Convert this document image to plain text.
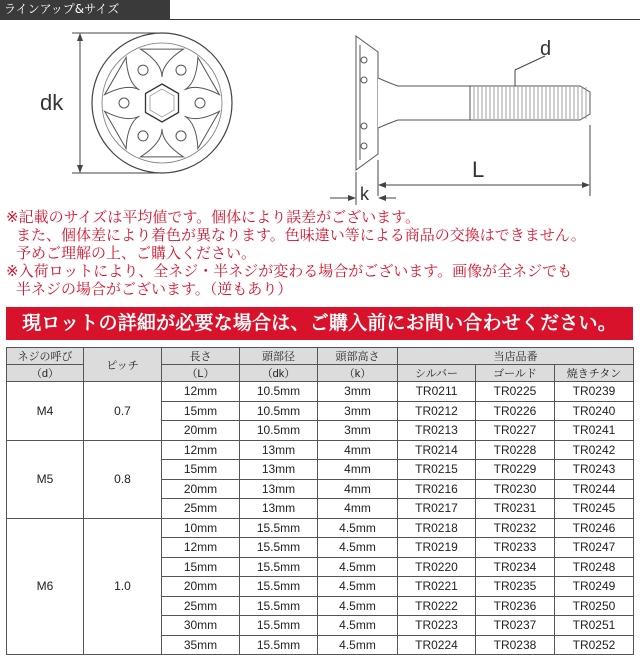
ラインアップ&サイズ
dk
d
L
k
※記載のサイズは平均値です。個体により誤差がございます。
また、個体差により着色が異なります。色味違い等による商品の交換はできません。
予めご理解の上、ご購入ください。
※入荷ロットにより、全ネジ・半ネジが変わる場合がございます。画像が全ネジでも
半ネジの場合がございます。（逆もあり）
現ロットの詳細が必要な場合は、ご購入前にお問い合わせください。
ネジの呼び	ピッチ	長さ	頭部径	頭部高さ	当店品番		
（d）		（L）	（dk）	（k）	シルバー	ゴールド	焼きチタン
M4	0.7	12mm	10.5mm	3mm	TR0211	TR0225	TR0239
		15mm	10.5mm	3mm	TR0212	TR0226	TR0240
		20mm	10.5mm	3mm	TR0213	TR0227	TR0241
M5	0.8	12mm	13mm	4mm	TR0214	TR0228	TR0242
		15mm	13mm	4mm	TR0215	TR0229	TR0243
		20mm	13mm	4mm	TR0216	TR0230	TR0244
		25mm	13mm	4mm	TR0217	TR0231	TR0245
M6	1.0	10mm	15.5mm	4.5mm	TR0218	TR0232	TR0246
		12mm	15.5mm	4.5mm	TR0219	TR0233	TR0247
		15mm	15.5mm	4.5mm	TR0220	TR0234	TR0248
		20mm	15.5mm	4.5mm	TR0221	TR0235	TR0249
		25mm	15.5mm	4.5mm	TR0222	TR0236	TR0250
		30mm	15.5mm	4.5mm	TR0223	TR0237	TR0251
		35mm	15.5mm	4.5mm	TR0224	TR0238	TR0252
